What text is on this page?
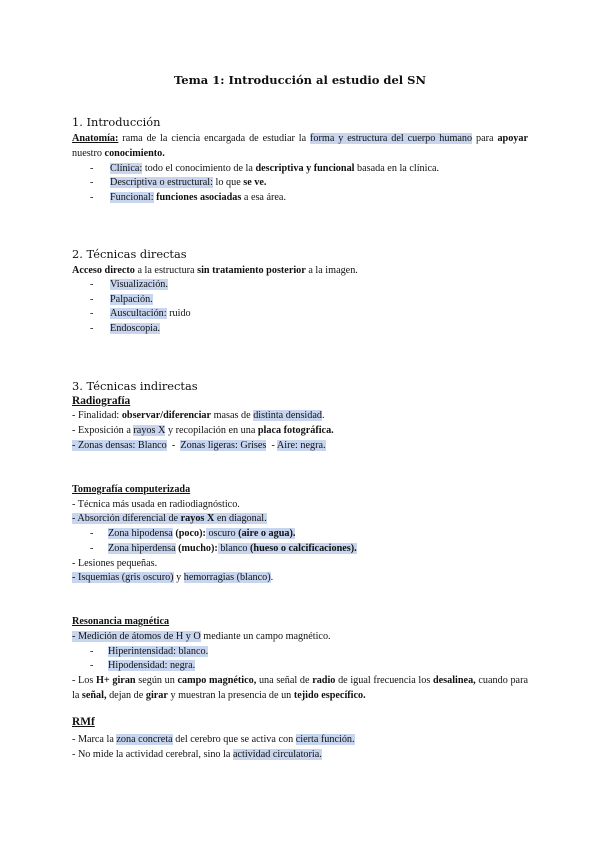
Tema 1: Introducción al estudio del SN
1. Introducción
Anatomía: rama de la ciencia encargada de estudiar la forma y estructura del cuerpo humano para apoyar nuestro conocimiento.
- Clínica: todo el conocimiento de la descriptiva y funcional basada en la clínica.
- Descriptiva o estructural: lo que se ve.
- Funcional: funciones asociadas a esa área.
2. Técnicas directas
Acceso directo a la estructura sin tratamiento posterior a la imagen.
- Visualización.
- Palpación.
- Auscultación: ruido
- Endoscopia.
3. Técnicas indirectas
Radiografía
- Finalidad: observar/diferenciar masas de distinta densidad.
- Exposición a rayos X y recopilación en una placa fotográfica.
- Zonas densas: Blanco  -  Zonas ligeras: Grises  - Aire: negra.
Tomografía computerizada
- Técnica más usada en radiodiagnóstico.
- Absorción diferencial de rayos X en diagonal.
- Zona hipodensa (poco): oscuro (aire o agua).
- Zona hiperdensa (mucho): blanco (hueso o calcificaciones).
- Lesiones pequeñas.
- Isquemias (gris oscuro) y hemorragias (blanco).
Resonancia magnética
- Medición de átomos de H y O mediante un campo magnético.
- Hiperintensidad: blanco.
- Hipodensidad: negra.
- Los H+ giran según un campo magnético, una señal de radio de igual frecuencia los desalinea, cuando para la señal, dejan de girar y muestran la presencia de un tejido específico.
RMf
- Marca la zona concreta del cerebro que se activa con cierta función.
- No mide la actividad cerebral, sino la actividad circulatoria.
